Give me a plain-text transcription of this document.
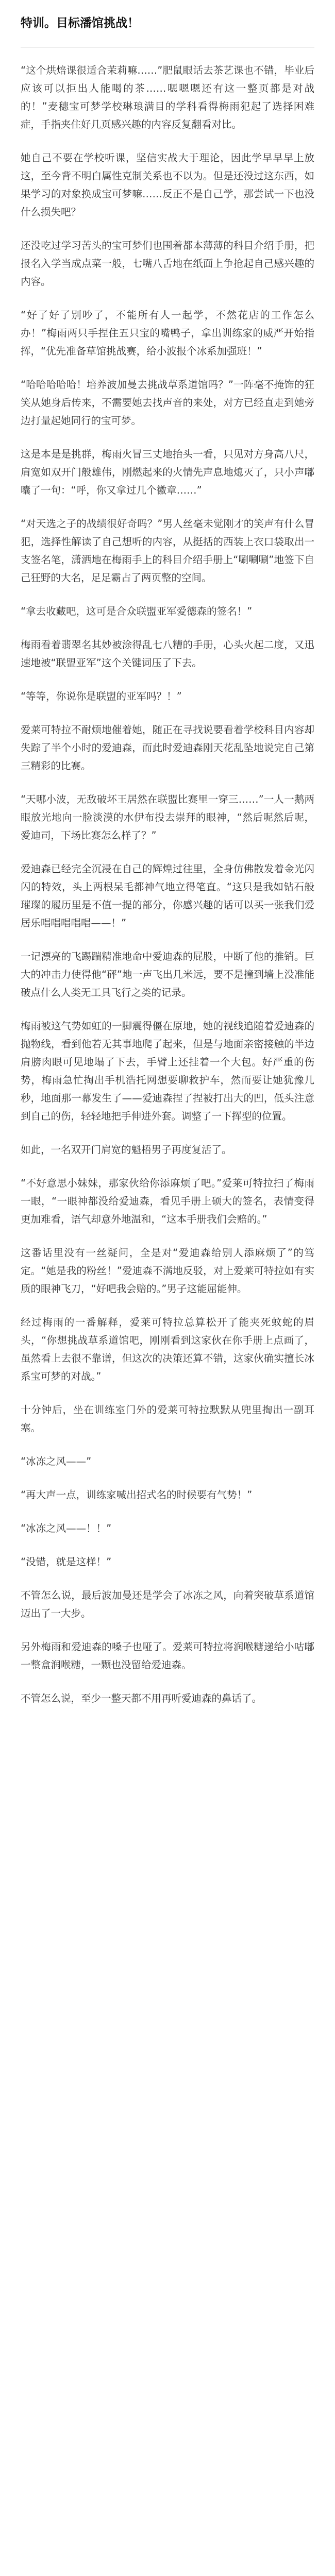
特训。目标潘馆挑战！

“这个烘焙课很适合茉莉嘛……”肥鼠眼话去茶艺课也不错，毕业后应该可以拒出人能喝的茶……嗯嗯嗯还有这一整页都是对战的！”麦穗宝可梦学校琳琅满目的学科看得梅雨犯起了选择困难症，手指夹住好几页感兴趣的内容反复翻看对比。

她自己不要在学校听课，坚信实战大于理论，因此学早早早上放这，至今背不明白属性克制关系也不以为。但是还没过这东西，如果学习的对象换成宝可梦嘛……反正不是自己学，那尝试一下也没什么损失吧？

还没吃过学习苦头的宝可梦们也围着都本薄薄的科目介绍手册，把报名入学当成点菜一般，七嘴八舌地在纸面上争抢起自己感兴趣的内容。

“好了好了别吵了，不能所有人一起学，不然花店的工作怎么办！”梅雨两只手捏住五只宝的嘴鸭子，拿出训练家的威严开始指挥，“优先准备草馆挑战赛，给小波报个冰系加强班！”

“哈哈哈哈哈！培养波加曼去挑战草系道馆吗？”一阵毫不掩饰的狂笑从她身后传来，不需要她去找声音的来处，对方已经直走到她旁边打量起她同行的宝可梦。

这是本是是挑群，梅雨火冒三丈地抬头一看，只见对方身高八尺，肩宽如双开门般雄伟，刚燃起来的火情先声息地熄灭了，只小声嘟囔了一句：“呼，你又拿过几个徽章……”

“对天选之子的战绩很好奇吗？”男人丝毫未觉刚才的笑声有什么冒犯，选择性解读了自己想听的内容，从挺括的西装上衣口袋取出一支签名笔，潇洒地在梅雨手上的科目介绍手册上“唰唰唰”地签下自己狂野的大名，足足霸占了两页整的空间。

“拿去收藏吧，这可是合众联盟亚军爱德森的签名！”

梅雨看着翡翠名其妙被涂得乱七八糟的手册，心头火起二度，又迅速地被“联盟亚军”这个关键词压了下去。

“等等，你说你是联盟的亚军吗？！”

爱莱可特拉不耐烦地催着她，随正在寻找说要看着学校科目内容却失踪了半个小时的爱迪森，而此时爱迪森刚天花乱坠地说完自己第三精彩的比赛。

“天哪小波，无敌破坏王居然在联盟比赛里一穿三……”一人一鹅两眼放光地向一脸淡漠的水伊布投去崇拜的眼神，“然后呢然后呢，爱迪司，下场比赛怎么样了？”

爱迪森已经完全沉浸在自己的辉煌过往里，全身仿佛散发着金光闪闪的特效，头上两根呆毛都神气地立得笔直。“这只是我如钻石般璀璨的履历里是不值一提的部分，你感兴趣的话可以买一张我们爱居乐唱唱唱唱唱——！”

一记漂亮的飞踢踹精准地命中爱迪森的屁股，中断了他的推销。巨大的冲击力使得他“砰”地一声飞出几米远，要不是撞到墙上没准能破点什么人类无工具飞行之类的记录。

梅雨被这气势如虹的一脚震得僵在原地，她的视线追随着爱迪森的抛物线，看到他若无其事地爬了起来，但是与地面亲密接触的半边肩膀肉眼可见地塌了下去，手臂上还挂着一个大包。好严重的伤势，梅雨急忙掏出手机浩托网想要聊救护车，然而要让她犹豫几秒，地面那一幕发生了——爱迪森捏了捏被打出大的凹，低头注意到自己的伤，轻轻地把手伸进外套。调整了一下挥型的位置。

如此，一名双开门肩宽的魁梧男子再度复活了。

“不好意思小妹妹，那家伙给你添麻烦了吧。”爱莱可特拉扫了梅雨一眼，“一眼神都没给爱迪森，看见手册上硕大的签名，表情变得更加难看，语气却意外地温和，“这本手册我们会赔的。”

这番话里没有一丝疑问，全是对“爱迪森给别人添麻烦了”的笃定。“她是我的粉丝！”爱迪森不满地反驳，对上爱莱可特拉如有实质的眼神飞刀，“好吧我会赔的。”男子这能屈能伸。

经过梅雨的一番解释，爱莱可特拉总算松开了能夹死蚊蛇的眉头，“你想挑战草系道馆吧，刚刚看到这家伙在你手册上点画了，虽然看上去很不靠谱，但这次的决策还算不错，这家伙确实擅长冰系宝可梦的对战。”

十分钟后，坐在训练室门外的爱莱可特拉默默从兜里掏出一副耳塞。

“冰冻之风——”

“再大声一点，训练家喊出招式名的时候要有气势！”

“冰冻之风——！！”

“没错，就是这样！”

不管怎么说，最后波加曼还是学会了冰冻之风，向着突破草系道馆迈出了一大步。

另外梅雨和爱迪森的嗓子也哑了。爱莱可特拉将润喉糖递给小咕嘟一整盒润喉糖，一颗也没留给爱迪森。

不管怎么说，至少一整天都不用再听爱迪森的鼻话了。
